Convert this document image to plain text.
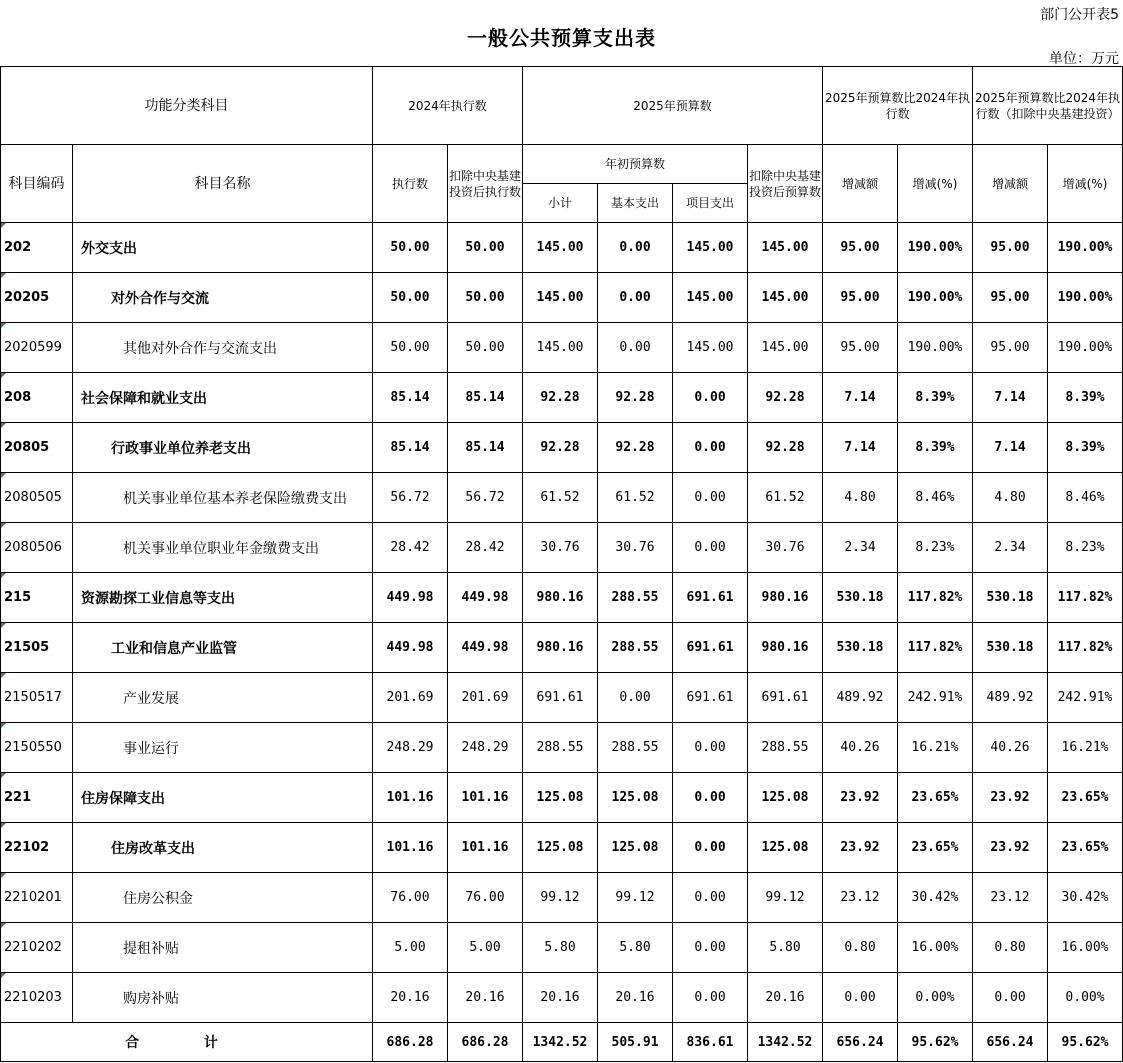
部门公开表5
一般公共预算支出表
单位：万元
功能分类科目		2024年执行数		2025年预算数				2025年预算数比2024年执行数		2025年预算数比2024年执行数（扣除中央基建投资）	
科目编码	科目名称	执行数	扣除中央基建投资后执行数	年初预算数			扣除中央基建投资后预算数	增减额	增减(%)	增减额	增减(%)
				小计	基本支出	项目支出					

202	外交支出	50.00	50.00	145.00	0.00	145.00	145.00	95.00	190.00%	95.00	190.00%

20205	对外合作与交流	50.00	50.00	145.00	0.00	145.00	145.00	95.00	190.00%	95.00	190.00%

2020599	其他对外合作与交流支出	50.00	50.00	145.00	0.00	145.00	145.00	95.00	190.00%	95.00	190.00%

208	社会保障和就业支出	85.14	85.14	92.28	92.28	0.00	92.28	7.14	8.39%	7.14	8.39%

20805	行政事业单位养老支出	85.14	85.14	92.28	92.28	0.00	92.28	7.14	8.39%	7.14	8.39%

2080505	机关事业单位基本养老保险缴费支出	56.72	56.72	61.52	61.52	0.00	61.52	4.80	8.46%	4.80	8.46%

2080506	机关事业单位职业年金缴费支出	28.42	28.42	30.76	30.76	0.00	30.76	2.34	8.23%	2.34	8.23%

215	资源勘探工业信息等支出	449.98	449.98	980.16	288.55	691.61	980.16	530.18	117.82%	530.18	117.82%

21505	工业和信息产业监管	449.98	449.98	980.16	288.55	691.61	980.16	530.18	117.82%	530.18	117.82%

2150517	产业发展	201.69	201.69	691.61	0.00	691.61	691.61	489.92	242.91%	489.92	242.91%

2150550	事业运行	248.29	248.29	288.55	288.55	0.00	288.55	40.26	16.21%	40.26	16.21%

221	住房保障支出	101.16	101.16	125.08	125.08	0.00	125.08	23.92	23.65%	23.92	23.65%

22102	住房改革支出	101.16	101.16	125.08	125.08	0.00	125.08	23.92	23.65%	23.92	23.65%

2210201	住房公积金	76.00	76.00	99.12	99.12	0.00	99.12	23.12	30.42%	23.12	30.42%

2210202	提租补贴	5.00	5.00	5.80	5.80	0.00	5.80	0.80	16.00%	0.80	16.00%

2210203	购房补贴	20.16	20.16	20.16	20.16	0.00	20.16	0.00	0.00%	0.00	0.00%
合 计		686.28	686.28	1342.52	505.91	836.61	1342.52	656.24	95.62%	656.24	95.62%
